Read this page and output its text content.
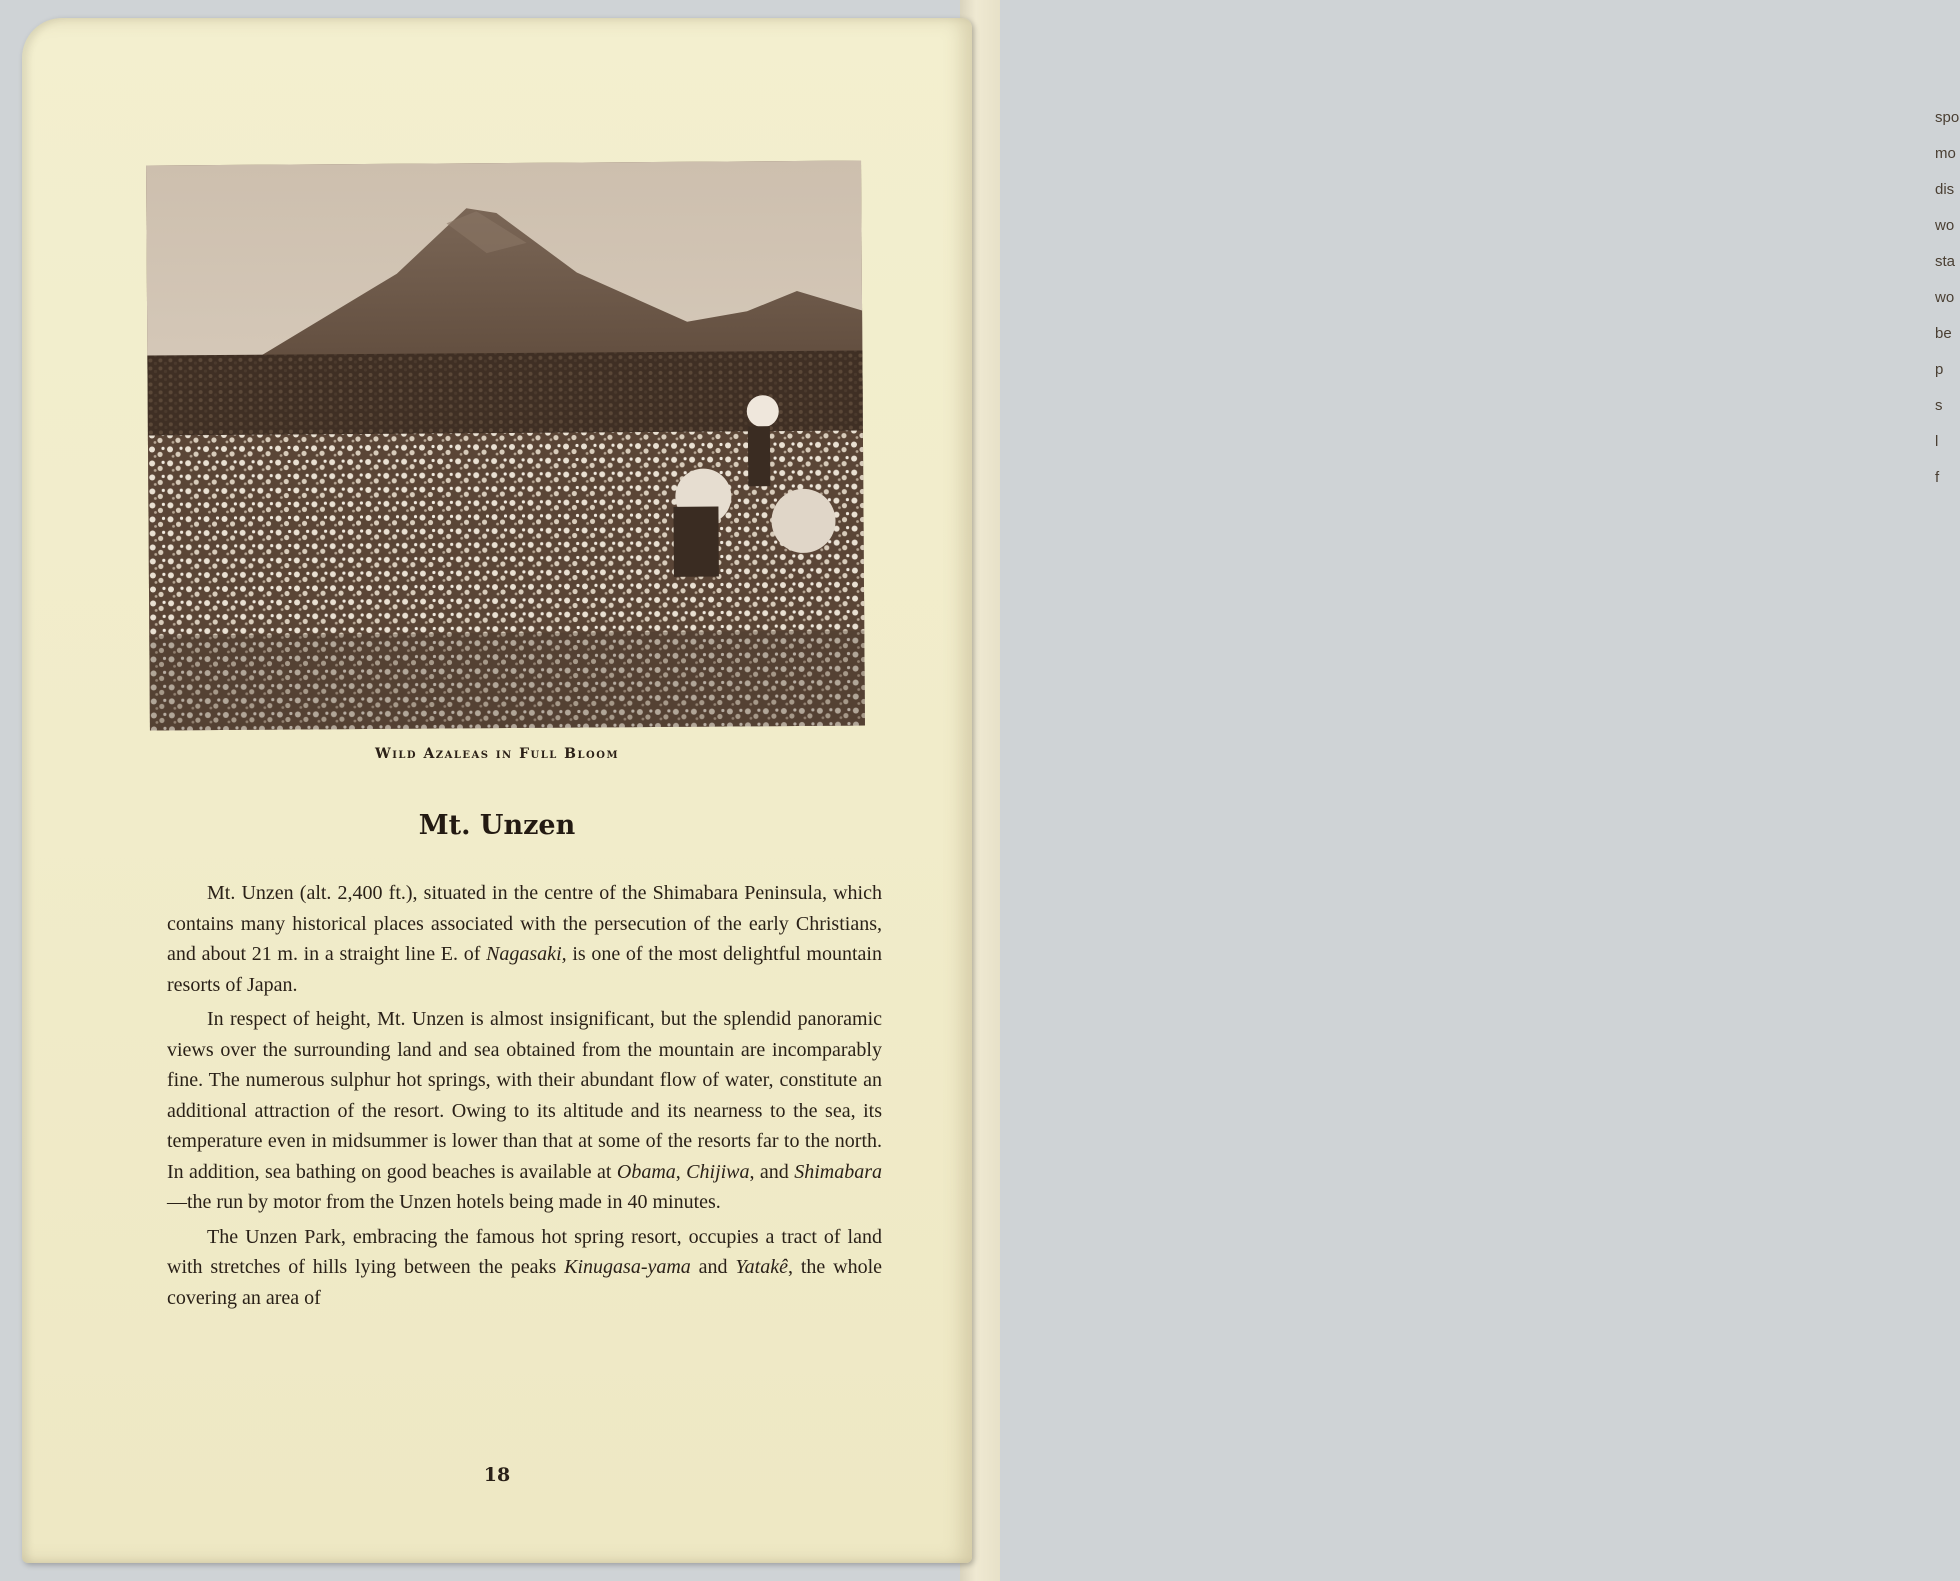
spo
mo
dis
wo
sta
wo
be
p
s
l
f
Wild Azaleas in Full Bloom
Mt. Unzen

Mt. Unzen (alt. 2,400 ft.), situated in the centre of the Shimabara Peninsula, which contains many historical places associated with the persecution of the early Christians, and about 21 m. in a straight line E. of Nagasaki, is one of the most delightful mountain resorts of Japan.

In respect of height, Mt. Unzen is almost insignificant, but the splendid panoramic views over the surrounding land and sea obtained from the mountain are incomparably fine. The numerous sulphur hot springs, with their abundant flow of water, constitute an additional attraction of the resort. Owing to its altitude and its nearness to the sea, its temperature even in midsummer is lower than that at some of the resorts far to the north. In addition, sea bathing on good beaches is available at Obama, Chijiwa, and Shimabara—the run by motor from the Unzen hotels being made in 40 minutes.

The Unzen Park, embracing the famous hot spring resort, occupies a tract of land with stretches of hills lying between the peaks Kinugasa-yama and Yatakê, the whole covering an area of

18
